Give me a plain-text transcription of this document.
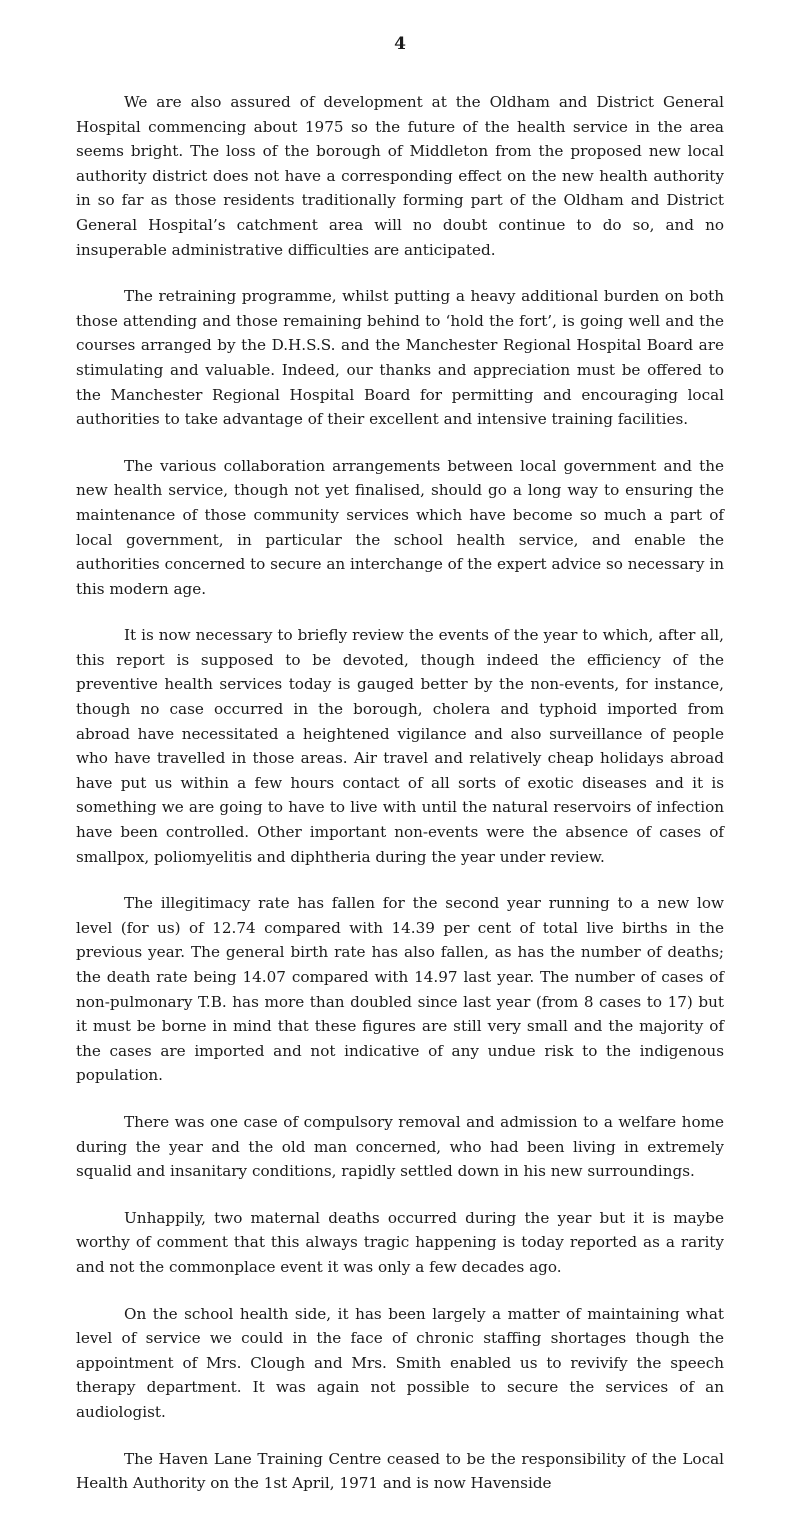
4

We are also assured of development at the Oldham and District General Hospital commencing about 1975 so the future of the health service in the area seems bright. The loss of the borough of Middleton from the proposed new local authority district does not have a corresponding effect on the new health authority in so far as those residents traditionally forming part of the Oldham and District General Hospital’s catchment area will no doubt continue to do so, and no insuperable administrative difficulties are anticipated.

The retraining programme, whilst putting a heavy additional burden on both those attending and those remaining behind to ‘hold the fort’, is going well and the courses arranged by the D.H.S.S. and the Manchester Regional Hospital Board are stimulating and valuable. Indeed, our thanks and appreciation must be offered to the Manchester Regional Hospital Board for permitting and encouraging local authorities to take advantage of their excellent and intensive training facilities.

The various collaboration arrangements between local government and the new health service, though not yet finalised, should go a long way to ensuring the maintenance of those community services which have become so much a part of local government, in particular the school health service, and enable the authorities concerned to secure an interchange of the expert advice so necessary in this modern age.

It is now necessary to briefly review the events of the year to which, after all, this report is supposed to be devoted, though indeed the efficiency of the preventive health services today is gauged better by the non-events, for instance, though no case occurred in the borough, cholera and typhoid imported from abroad have necessitated a heightened vigilance and also surveillance of people who have travelled in those areas. Air travel and relatively cheap holidays abroad have put us within a few hours contact of all sorts of exotic diseases and it is something we are going to have to live with until the natural reservoirs of infection have been controlled. Other important non-events were the absence of cases of smallpox, poliomyelitis and diphtheria during the year under review.

The illegitimacy rate has fallen for the second year running to a new low level (for us) of 12.74 compared with 14.39 per cent of total live births in the previous year. The general birth rate has also fallen, as has the number of deaths; the death rate being 14.07 compared with 14.97 last year. The number of cases of non-pulmonary T.B. has more than doubled since last year (from 8 cases to 17) but it must be borne in mind that these figures are still very small and the majority of the cases are imported and not indicative of any undue risk to the indigenous population.

There was one case of compulsory removal and admission to a welfare home during the year and the old man concerned, who had been living in extremely squalid and insanitary conditions, rapidly settled down in his new surroundings.

Unhappily, two maternal deaths occurred during the year but it is maybe worthy of comment that this always tragic happening is today reported as a rarity and not the commonplace event it was only a few decades ago.

On the school health side, it has been largely a matter of maintaining what level of service we could in the face of chronic staffing shortages though the appointment of Mrs. Clough and Mrs. Smith enabled us to revivify the speech therapy department. It was again not possible to secure the services of an audiologist.

The Haven Lane Training Centre ceased to be the responsibility of the Local Health Authority on the 1st April, 1971 and is now Havenside
